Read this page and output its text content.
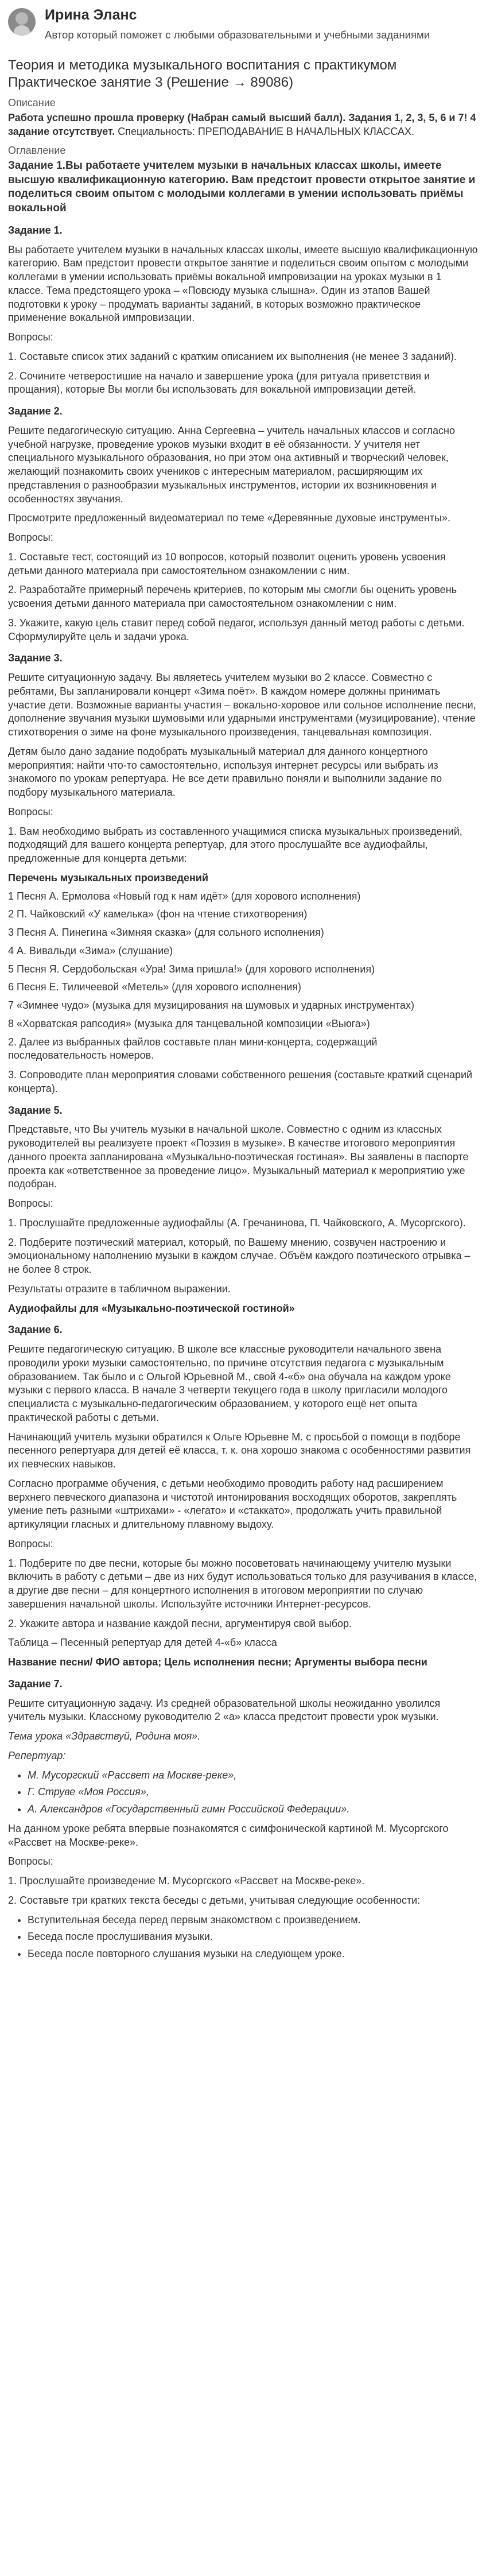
Ирина Эланс
Автор который поможет с любыми образовательными и учебными заданиями
Теория и методика музыкального воспитания с практикумом Практическое занятие 3 (Решение → 89086)
Описание

Работа успешно прошла проверку (Набран самый высший балл). Задания 1, 2, 3, 5, 6 и 7! 4 задание отсутствует. Специальность: ПРЕПОДАВАНИЕ В НАЧАЛЬНЫХ КЛАССАХ.

Оглавление

Задание 1.Вы работаете учителем музыки в начальных классах школы, имеете высшую квалификационную категорию. Вам предстоит провести открытое занятие и поделиться своим опытом с молодыми коллегами в умении использовать приёмы вокальной

Задание 1.

Вы работаете учителем музыки в начальных классах школы, имеете высшую квалификационную категорию. Вам предстоит провести открытое занятие и поделиться своим опытом с молодыми коллегами в умении использовать приёмы вокальной импровизации на уроках музыки в 1 классе. Тема предстоящего урока – «Повсюду музыка слышна». Один из этапов Вашей подготовки к уроку – продумать варианты заданий, в которых возможно практическое применение вокальной импровизации.

Вопросы:

1. Составьте список этих заданий с кратким описанием их выполнения (не менее 3 заданий).

2. Сочините четверостишие на начало и завершение урока (для ритуала приветствия и прощания), которые Вы могли бы использовать для вокальной импровизации детей.

Задание 2.

Решите педагогическую ситуацию. Анна Сергеевна – учитель начальных классов и согласно учебной нагрузке, проведение уроков музыки входит в её обязанности. У учителя нет специального музыкального образования, но при этом она активный и творческий человек, желающий познакомить своих учеников с интересным материалом, расширяющим их представления о разнообразии музыкальных инструментов, истории их возникновения и особенностях звучания.

Просмотрите предложенный видеоматериал по теме «Деревянные духовые инструменты».

Вопросы:

1. Составьте тест, состоящий из 10 вопросов, который позволит оценить уровень усвоения детьми данного материала при самостоятельном ознакомлении с ним.

2. Разработайте примерный перечень критериев, по которым мы смогли бы оценить уровень усвоения детьми данного материала при самостоятельном ознакомлении с ним.

3. Укажите, какую цель ставит перед собой педагог, используя данный метод работы с детьми. Сформулируйте цель и задачи урока.

Задание 3.

Решите ситуационную задачу. Вы являетесь учителем музыки во 2 классе. Совместно с ребятами, Вы запланировали концерт «Зима поёт». В каждом номере должны принимать участие дети. Возможные варианты участия – вокально-хоровое или сольное исполнение песни, дополнение звучания музыки шумовыми или ударными инструментами (музицирование), чтение стихотворения о зиме на фоне музыкального произведения, танцевальная композиция.

Детям было дано задание подобрать музыкальный материал для данного концертного мероприятия: найти что-то самостоятельно, используя интернет ресурсы или выбрать из знакомого по урокам репертуара. Не все дети правильно поняли и выполнили задание по подбору музыкального материала.

Вопросы:

1. Вам необходимо выбрать из составленного учащимися списка музыкальных произведений, подходящий для вашего концерта репертуар, для этого прослушайте все аудиофайлы, предложенные для концерта детьми:

Перечень музыкальных произведений

1 Песня А. Ермолова «Новый год к нам идёт» (для хорового исполнения)

2 П. Чайковский «У камелька» (фон на чтение стихотворения)

3 Песня А. Пинегина «Зимняя сказка» (для сольного исполнения)

4 А. Вивальди «Зима» (слушание)

5 Песня Я. Сердобольская «Ура! Зима пришла!» (для хорового исполнения)

6 Песня Е. Тиличеевой «Метель» (для хорового исполнения)

7 «Зимнее чудо» (музыка для музицирования на шумовых и ударных инструментах)

8 «Хорватская рапсодия» (музыка для танцевальной композиции «Вьюга»)

2. Далее из выбранных файлов составьте план мини-концерта, содержащий последовательность номеров.

3. Сопроводите план мероприятия словами собственного решения (составьте краткий сценарий концерта).

Задание 5.

Представьте, что Вы учитель музыки в начальной школе. Совместно с одним из классных руководителей вы реализуете проект «Поэзия в музыке». В качестве итогового мероприятия данного проекта запланирована «Музыкально-поэтическая гостиная». Вы заявлены в паспорте проекта как «ответственное за проведение лицо». Музыкальный материал к мероприятию уже подобран.

Вопросы:

1. Прослушайте предложенные аудиофайлы (А. Гречанинова, П. Чайковского, А. Мусоргского).

2. Подберите поэтический материал, который, по Вашему мнению, созвучен настроению и эмоциональному наполнению музыки в каждом случае. Объём каждого поэтического отрывка – не более 8 строк.

Результаты отразите в табличном выражении.

Аудиофайлы для «Музыкально-поэтической гостиной»
Задание 6.

Решите педагогическую ситуацию. В школе все классные руководители начального звена проводили уроки музыки самостоятельно, по причине отсутствия педагога с музыкальным образованием. Так было и с Ольгой Юрьевной М., свой 4-«б» она обучала на каждом уроке музыки с первого класса. В начале 3 четверти текущего года в школу пригласили молодого специалиста с музыкально-педагогическим образованием, у которого ещё нет опыта практической работы с детьми.

Начинающий учитель музыки обратился к Ольге Юрьевне М. с просьбой о помощи в подборе песенного репертуара для детей её класса, т. к. она хорошо знакома с особенностями развития их певческих навыков.

Согласно программе обучения, с детьми необходимо проводить работу над расширением верхнего певческого диапазона и чистотой интонирования восходящих оборотов, закреплять умение петь разными «штрихами» - «легато» и «стаккато», продолжать учить правильной артикуляции гласных и длительному плавному выдоху.

Вопросы:

1. Подберите по две песни, которые бы можно посоветовать начинающему учителю музыки включить в работу с детьми – две из них будут использоваться только для разучивания в классе, а другие две песни – для концертного исполнения в итоговом мероприятии по случаю завершения начальной школы. Используйте источники Интернет-ресурсов.

2. Укажите автора и название каждой песни, аргументируя свой выбор.

Таблица – Песенный репертуар для детей 4-«б» класса

Название песни/ ФИО автора; Цель исполнения песни; Аргументы выбора песни
Задание 7.

Решите ситуационную задачу. Из средней образовательной школы неожиданно уволился учитель музыки. Классному руководителю 2 «а» класса предстоит провести урок музыки.

Тема урока «Здравствуй, Родина моя».

Репертуар:

• М. Мусоргский «Рассвет на Москве-реке»,
• Г. Струве «Моя Россия»,
• А. Александров «Государственный гимн Российской Федерации».

На данном уроке ребята впервые познакомятся с симфонической картиной М. Мусоргского «Рассвет на Москве-реке».

Вопросы:

1. Прослушайте произведение М. Мусоргского «Рассвет на Москве-реке».

2. Составьте три кратких текста беседы с детьми, учитывая следующие особенности:

• Вступительная беседа перед первым знакомством с произведением.
• Беседа после прослушивания музыки.
• Беседа после повторного слушания музыки на следующем уроке.
